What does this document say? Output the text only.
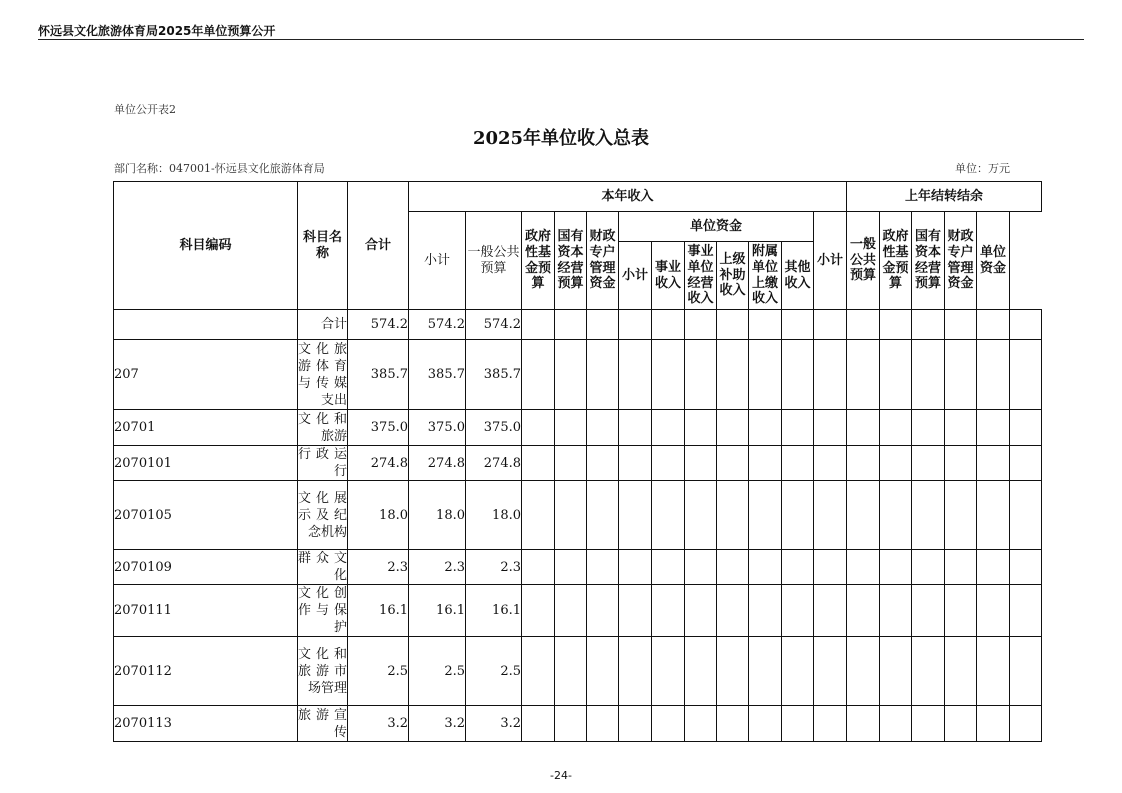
怀远县文化旅游体育局2025年单位预算公开
单位公开表2
2025年单位收入总表
部门名称：047001-怀远县文化旅游体育局	单位：万元
科目编码	科目名称	合计	本年收入												上年结转结余					
			小计	一般公共预算	政府性基金预算	国有资本经营预算	财政专户管理资金	单位资金						小计	一般公共预算	政府性基金预算	国有资本经营预算	财政专户管理资金	单位资金	
								小计	事业收入	事业单位经营收入	上级补助收入	附属单位上缴收入	其他收入							

	合计	574.2	574.2	574.2																
207	文化旅游体育与传媒支出	385.7	385.7	385.7																
20701	文化和旅游	375.0	375.0	375.0																
2070101	行政运行	274.8	274.8	274.8																
2070105	文化展示及纪念机构	18.0	18.0	18.0																
2070109	群众文化	2.3	2.3	2.3																
2070111	文化创作与保护	16.1	16.1	16.1																
2070112	文化和旅游市场管理	2.5	2.5	2.5																
2070113	旅游宣传	3.2	3.2	3.2																
-24-
